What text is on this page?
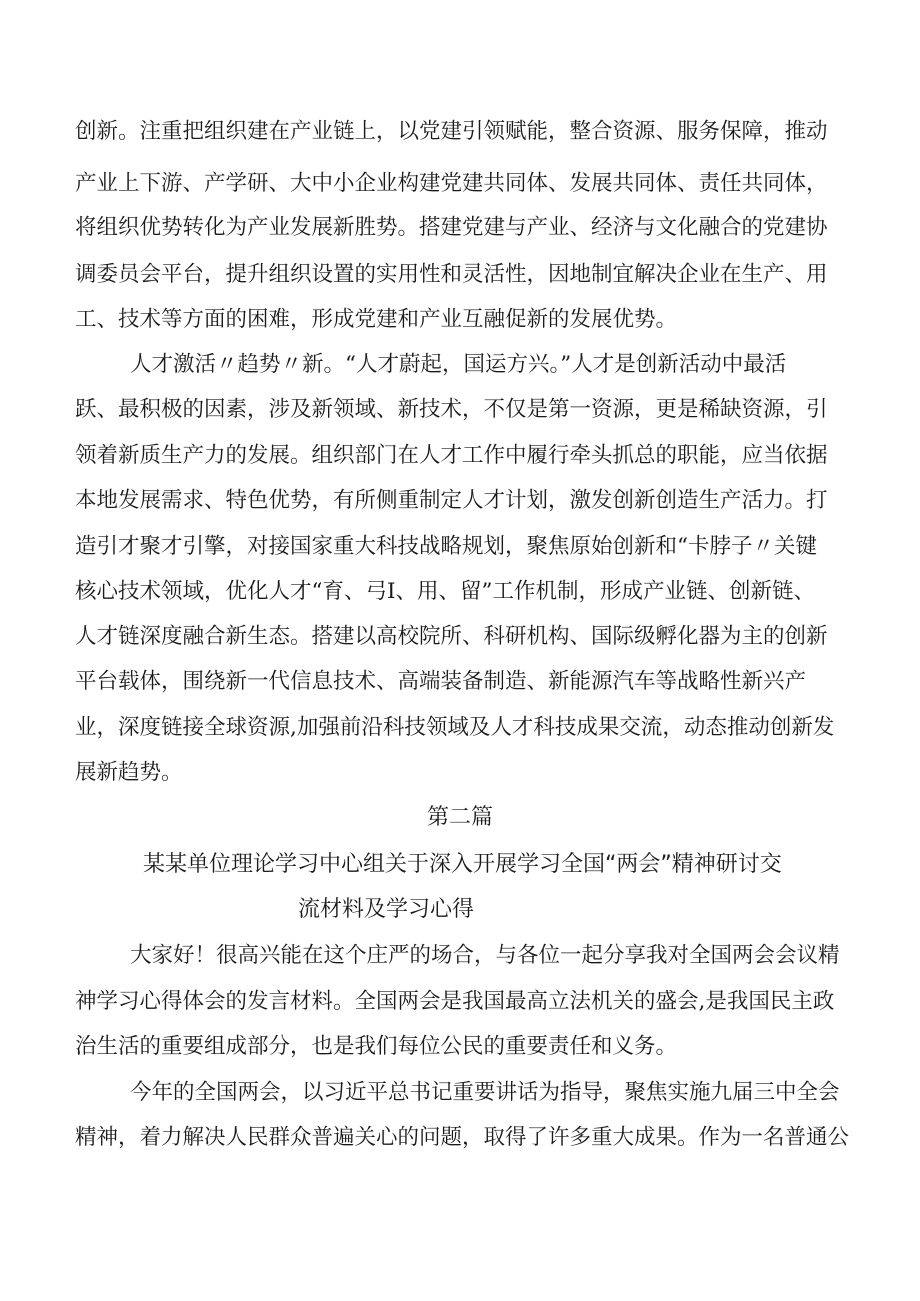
创新。注重把组织建在产业链上，以党建引领赋能，整合资源、服务保障，推动
产业上下游、产学研、大中小企业构建党建共同体、发展共同体、责任共同体，
将组织优势转化为产业发展新胜势。搭建党建与产业、经济与文化融合的党建协
调委员会平台，提升组织设置的实用性和灵活性，因地制宜解决企业在生产、用
工、技术等方面的困难，形成党建和产业互融促新的发展优势。
人才激活〃趋势〃新。“人才蔚起，国运方兴。”人才是创新活动中最活
跃、最积极的因素，涉及新领域、新技术，不仅是第一资源，更是稀缺资源，引
领着新质生产力的发展。组织部门在人才工作中履行牵头抓总的职能，应当依据
本地发展需求、特色优势，有所侧重制定人才计划，激发创新创造生产活力。打
造引才聚才引擎，对接国家重大科技战略规划，聚焦原始创新和“卡脖子〃关键
核心技术领域，优化人才“育、弓I、用、留”工作机制，形成产业链、创新链、
人才链深度融合新生态。搭建以高校院所、科研机构、国际级孵化器为主的创新
平台载体，围绕新一代信息技术、高端装备制造、新能源汽车等战略性新兴产
业，深度链接全球资源,加强前沿科技领域及人才科技成果交流，动态推动创新发
展新趋势。
第二篇
某某单位理论学习中心组关于深入开展学习全国“两会”精神研讨交
流材料及学习心得
大家好！很高兴能在这个庄严的场合，与各位一起分享我对全国两会会议精
神学习心得体会的发言材料。全国两会是我国最高立法机关的盛会,是我国民主政
治生活的重要组成部分，也是我们每位公民的重要责任和义务。
今年的全国两会，以习近平总书记重要讲话为指导，聚焦实施九届三中全会
精神，着力解决人民群众普遍关心的问题，取得了许多重大成果。作为一名普通公
